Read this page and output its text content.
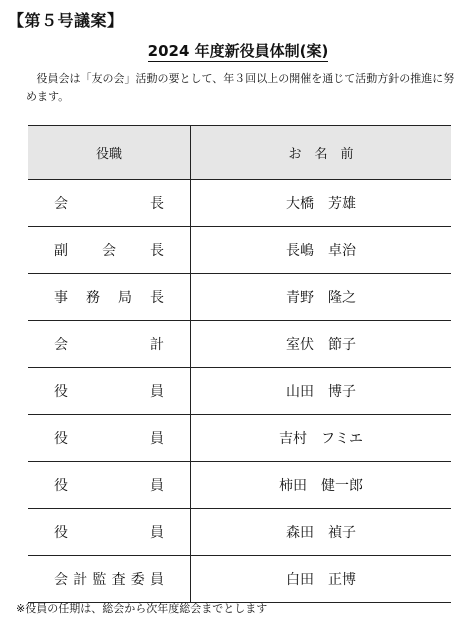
【第５号議案】
2024 年度新役員体制(案)
役員会は「友の会」活動の要として、年３回以上の開催を通じて活動方針の推進に努めます。
役職	お　名　前

会長	大橋　芳雄

副会長	長嶋　卓治

事務局長	青野　隆之

会計	室伏　節子

役員	山田　博子

役員	吉村　フミエ

役員	柿田　健一郎

役員	森田　禎子

会計監査委員	白田　正博
※役員の任期は、総会から次年度総会までとします
